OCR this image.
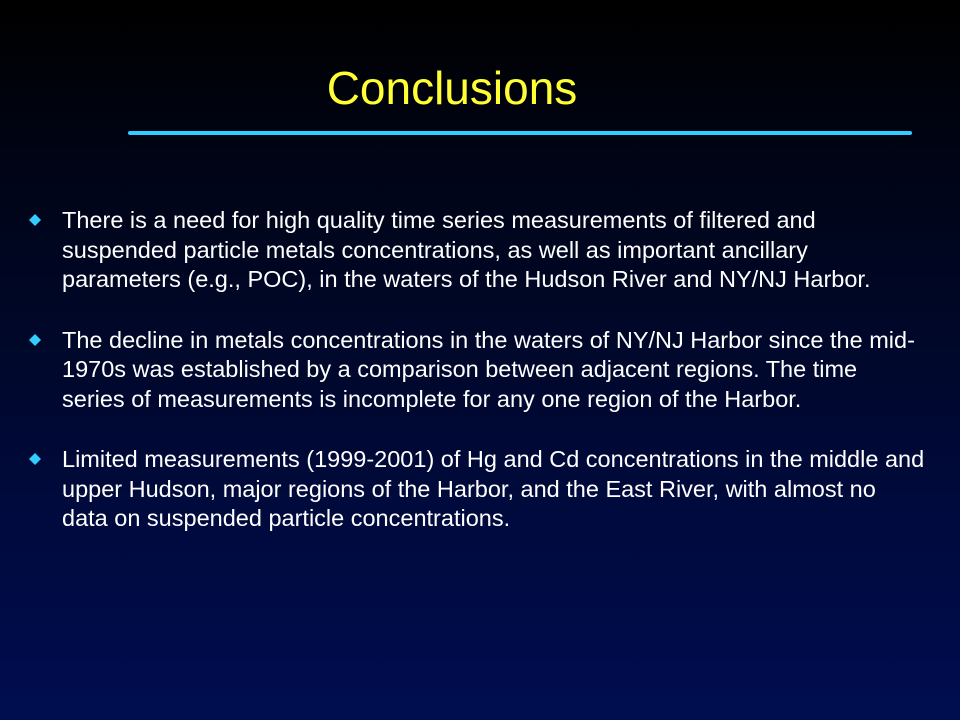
Conclusions
There is a need for high quality time series measurements of filtered and suspended particle metals concentrations, as well as important ancillary parameters (e.g., POC), in the waters of the Hudson River and NY/NJ Harbor.
The decline in metals concentrations in the waters of NY/NJ Harbor since the mid-1970s was established by a comparison between adjacent regions. The time series of measurements is incomplete for any one region of the Harbor.
Limited measurements (1999-2001) of Hg and Cd concentrations in the middle and upper Hudson, major regions of the Harbor, and the East River, with almost no data on suspended particle concentrations.
